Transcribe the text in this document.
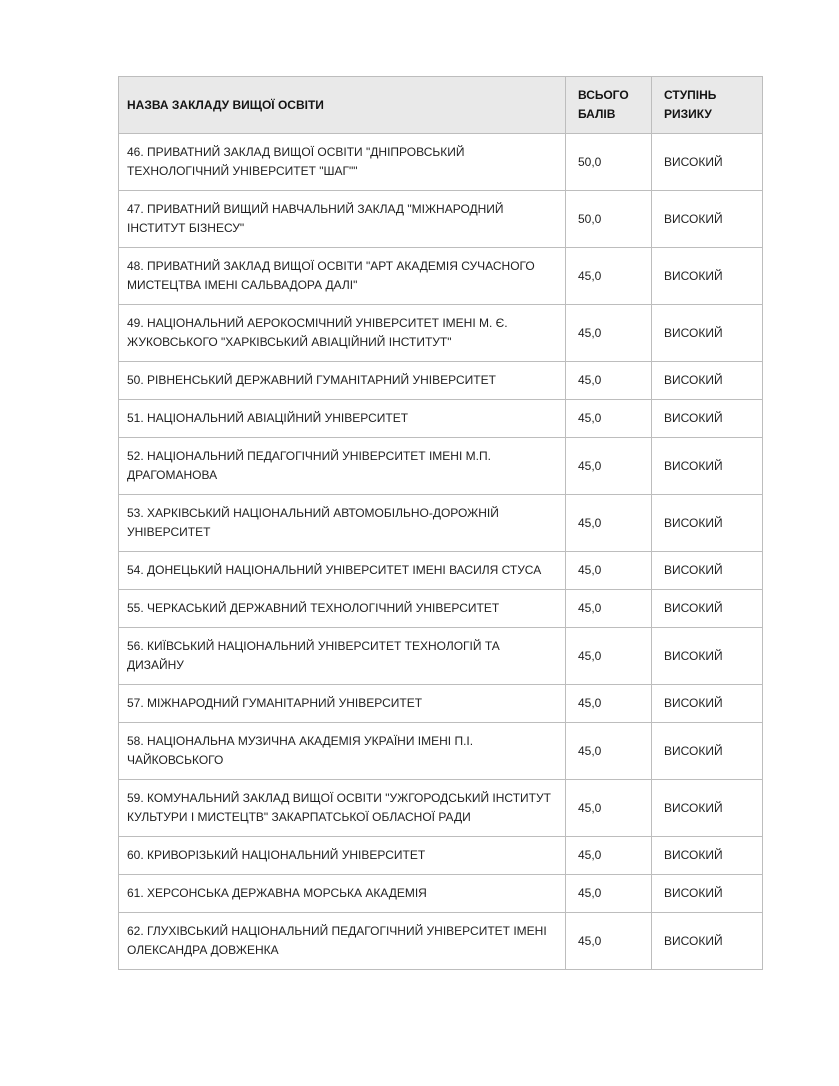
НАЗВА ЗАКЛАДУ ВИЩОЇ ОСВІТИ	ВСЬОГО БАЛІВ	СТУПІНЬ РИЗИКУ
46. ПРИВАТНИЙ ЗАКЛАД ВИЩОЇ ОСВІТИ "ДНІПРОВСЬКИЙ ТЕХНОЛОГІЧНИЙ УНІВЕРСИТЕТ "ШАГ""	50,0	ВИСОКИЙ
47. ПРИВАТНИЙ ВИЩИЙ НАВЧАЛЬНИЙ ЗАКЛАД "МІЖНАРОДНИЙ ІНСТИТУТ БІЗНЕСУ"	50,0	ВИСОКИЙ
48. ПРИВАТНИЙ ЗАКЛАД ВИЩОЇ ОСВІТИ "АРТ АКАДЕМІЯ СУЧАСНОГО МИСТЕЦТВА ІМЕНІ САЛЬВАДОРА ДАЛІ"	45,0	ВИСОКИЙ
49. НАЦІОНАЛЬНИЙ АЕРОКОСМІЧНИЙ УНІВЕРСИТЕТ ІМЕНІ М. Є. ЖУКОВСЬКОГО "ХАРКІВСЬКИЙ АВІАЦІЙНИЙ ІНСТИТУТ"	45,0	ВИСОКИЙ
50. РІВНЕНСЬКИЙ ДЕРЖАВНИЙ ГУМАНІТАРНИЙ УНІВЕРСИТЕТ	45,0	ВИСОКИЙ
51. НАЦІОНАЛЬНИЙ АВІАЦІЙНИЙ УНІВЕРСИТЕТ	45,0	ВИСОКИЙ
52. НАЦІОНАЛЬНИЙ ПЕДАГОГІЧНИЙ УНІВЕРСИТЕТ ІМЕНІ М.П. ДРАГОМАНОВА	45,0	ВИСОКИЙ
53. ХАРКІВСЬКИЙ НАЦІОНАЛЬНИЙ АВТОМОБІЛЬНО-ДОРОЖНІЙ УНІВЕРСИТЕТ	45,0	ВИСОКИЙ
54. ДОНЕЦЬКИЙ НАЦІОНАЛЬНИЙ УНІВЕРСИТЕТ ІМЕНІ ВАСИЛЯ СТУСА	45,0	ВИСОКИЙ
55. ЧЕРКАСЬКИЙ ДЕРЖАВНИЙ ТЕХНОЛОГІЧНИЙ УНІВЕРСИТЕТ	45,0	ВИСОКИЙ
56. КИЇВСЬКИЙ НАЦІОНАЛЬНИЙ УНІВЕРСИТЕТ ТЕХНОЛОГІЙ ТА ДИЗАЙНУ	45,0	ВИСОКИЙ
57. МІЖНАРОДНИЙ ГУМАНІТАРНИЙ УНІВЕРСИТЕТ	45,0	ВИСОКИЙ
58. НАЦІОНАЛЬНА МУЗИЧНА АКАДЕМІЯ УКРАЇНИ ІМЕНІ П.І. ЧАЙКОВСЬКОГО	45,0	ВИСОКИЙ
59. КОМУНАЛЬНИЙ ЗАКЛАД ВИЩОЇ ОСВІТИ "УЖГОРОДСЬКИЙ ІНСТИТУТ КУЛЬТУРИ І МИСТЕЦТВ" ЗАКАРПАТСЬКОЇ ОБЛАСНОЇ РАДИ	45,0	ВИСОКИЙ
60. КРИВОРІЗЬКИЙ НАЦІОНАЛЬНИЙ УНІВЕРСИТЕТ	45,0	ВИСОКИЙ
61. ХЕРСОНСЬКА ДЕРЖАВНА МОРСЬКА АКАДЕМІЯ	45,0	ВИСОКИЙ
62. ГЛУХІВСЬКИЙ НАЦІОНАЛЬНИЙ ПЕДАГОГІЧНИЙ УНІВЕРСИТЕТ ІМЕНІ ОЛЕКСАНДРА ДОВЖЕНКА	45,0	ВИСОКИЙ
